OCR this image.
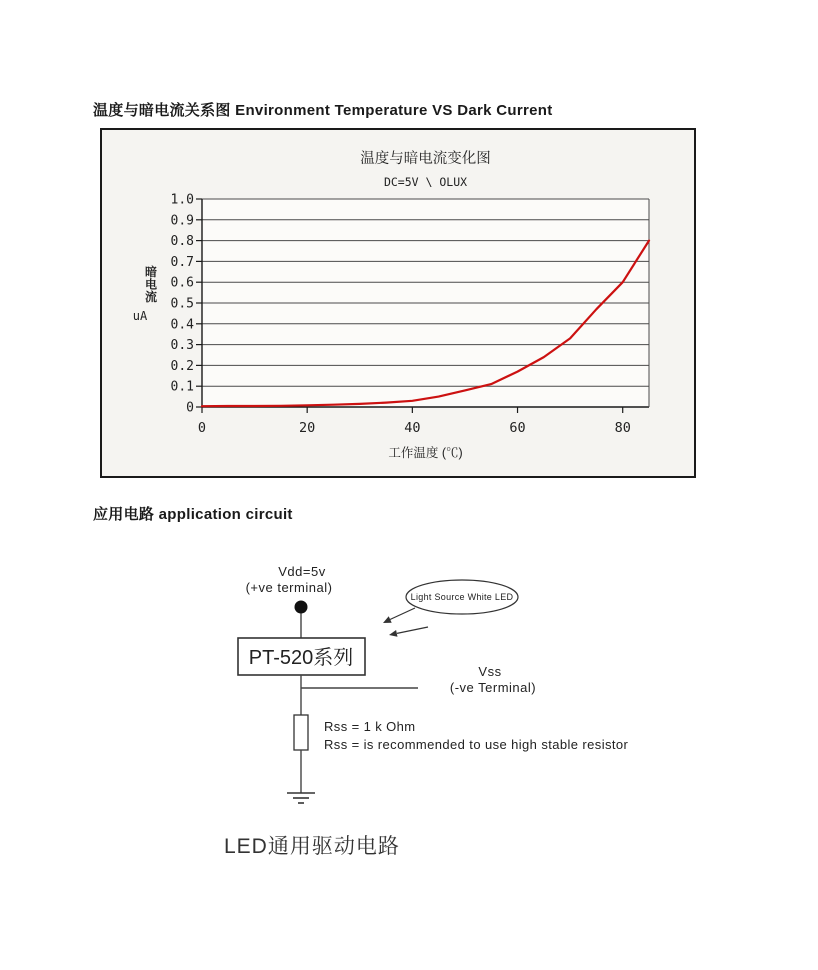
温度与暗电流关系图 Environment Temperature VS Dark Current
0
0.1
0.2
0.3
0.4
0.5
0.6
0.7
0.8
0.9
1.0
0	20	40	60	80
温度与暗电流变化图
DC=5V \ OLUX
工作温度 (℃)
暗
电
流
uA
应用电路 application circuit
Vdd=5v
(+ve terminal)
PT-520系列
Vss
(-ve Terminal)
Rss = 1 k Ohm
Rss = is recommended to use high stable resistor
Light Source White LED
LED通用驱动电路
